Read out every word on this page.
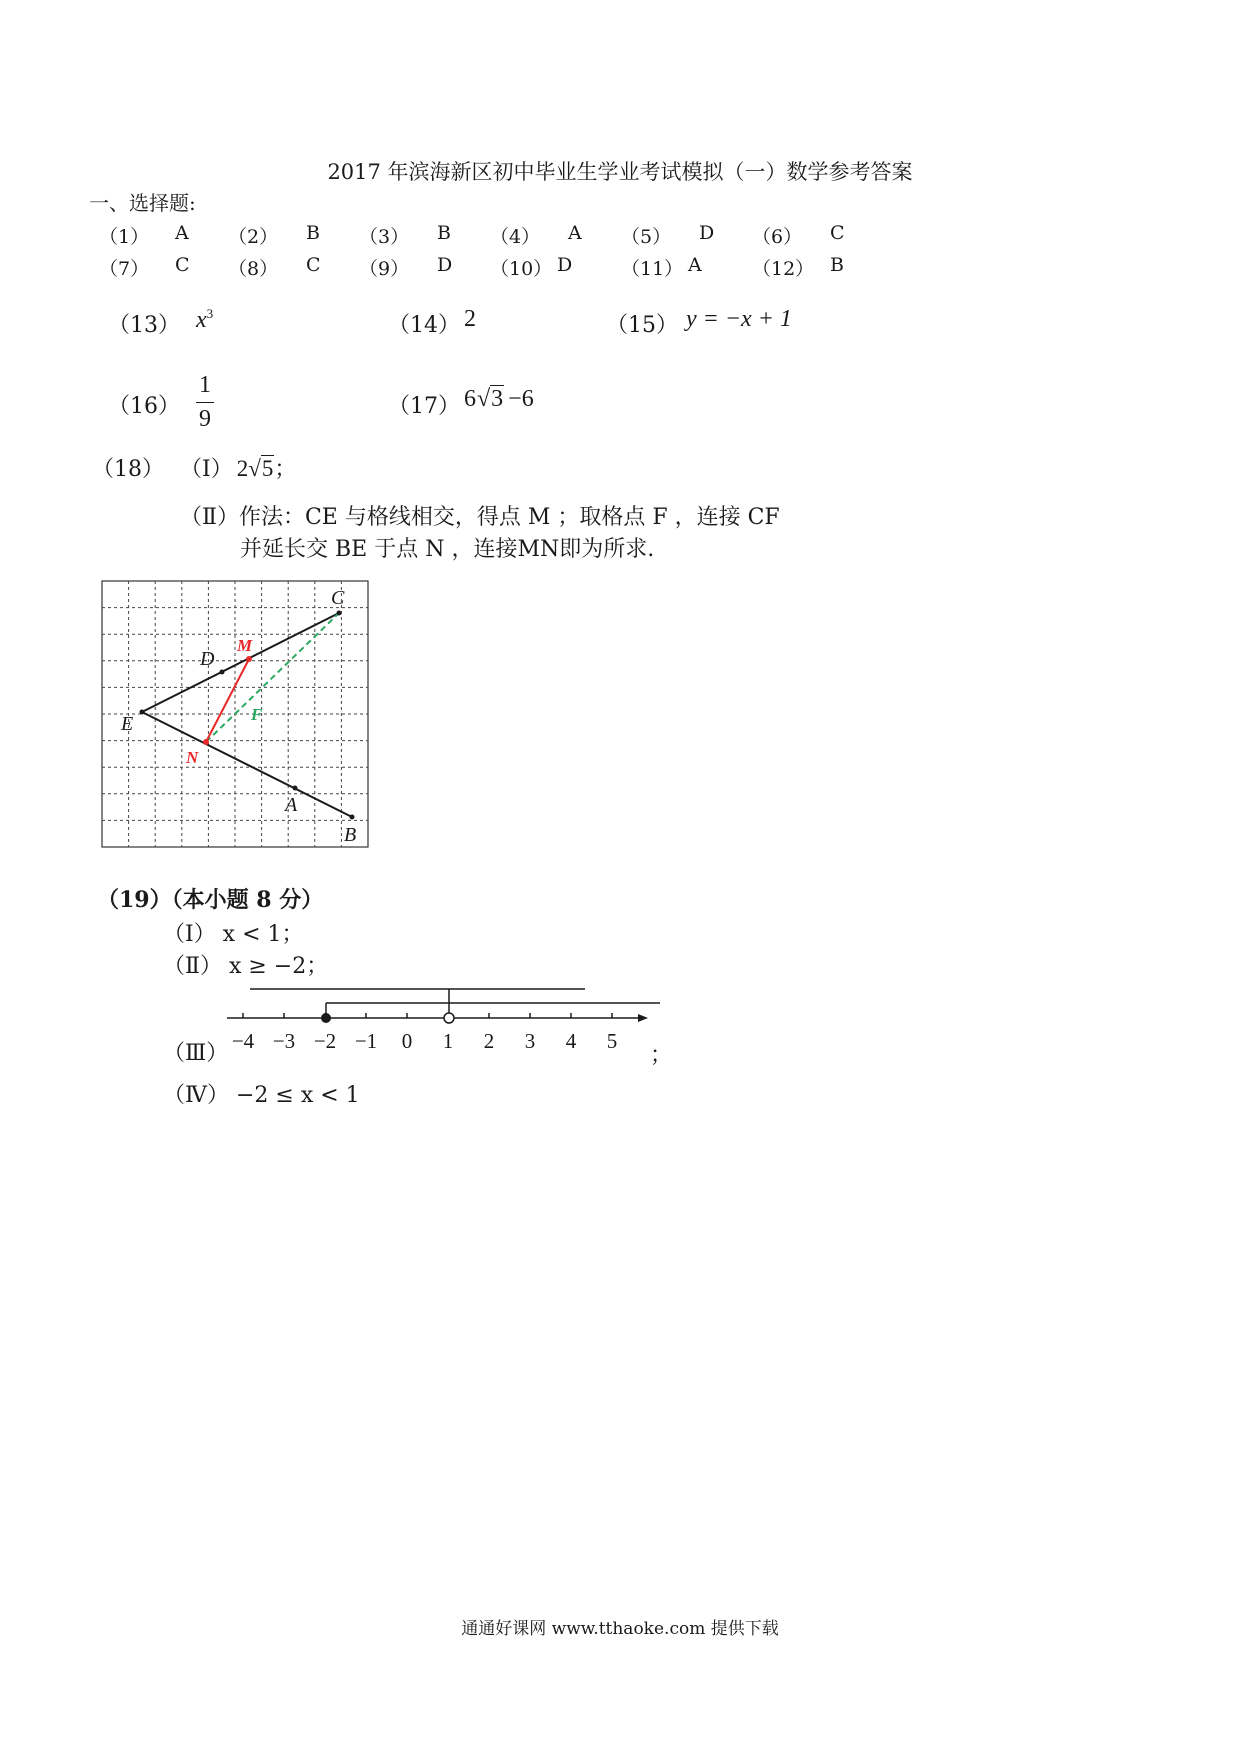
2017 年滨海新区初中毕业生学业考试模拟（一）数学参考答案
一、选择题:
（1） A （2） B （3） B （4） A （5） D （6） C
（7） C （8） C （9） D （10） D	（11） A	（12） B
（13） $x^3$	（14） 2	（15） y = −x + 1
（16）
1
9	（17） 6√3 −6
（18） （Ⅰ） 2√5；
（Ⅱ）作法：CE 与格线相交，得点 M ；取格点 F ，连接 CF
并延长交 BE 于点 N ，连接MN即为所求.
C
D
M
F
E
N
A
B
（19）（本小题 8 分）
（Ⅰ） x < 1；
（Ⅱ） x ≥ −2；
（Ⅲ） −4 −3 −2 −1 0 1 2 3 4 5
；
（Ⅳ） −2 ≤ x < 1
通通好课网 www.tthaoke.com 提供下载
